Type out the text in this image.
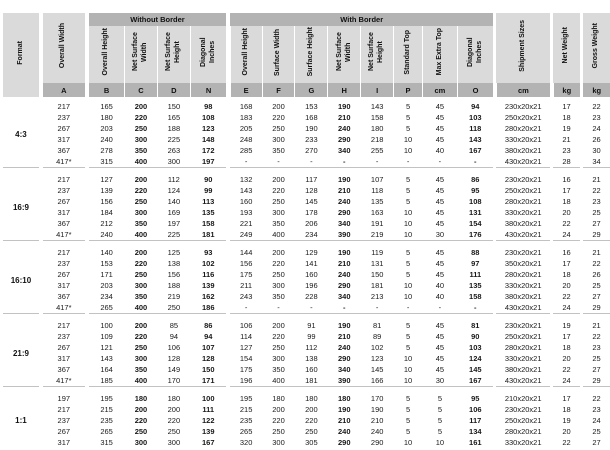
Format		Overall Width		Without Border					With Border									Shipment Sizes		Net Weight		Gross Weight
				Overall Height	Net Surface Width	Net Surface Height	Diagonal Inches		Overall Height	Surface Width	Surface Height	Net Surface Width	Net Surface Height	Standard Top	Max Extra Top	Diagonal Inches						
		A		B	C	D	N		E	F	G	H	I	P	cm	O		cm		kg		kg

4:3		217		165	200	150	98		168	200	153	190	143	5	45	94		230x20x21		17		22
		237		180	220	165	108		183	220	168	210	158	5	45	103		250x20x21		18		23
		267		203	250	188	123		205	250	190	240	180	5	45	118		280x20x21		19		24
		317		240	300	225	148		248	300	233	290	218	10	45	143		330x20x21		21		26
		367		278	350	263	172		285	350	270	340	255	10	40	167		380x20x21		23		30
		417*		315	400	300	197		-	-	-	-	-	-	-	-		430x20x21		28		34

16:9		217		127	200	112	90		132	200	117	190	107	5	45	86		230x20x21		16		21
		237		139	220	124	99		143	220	128	210	118	5	45	95		250x20x21		17		22
		267		156	250	140	113		160	250	145	240	135	5	45	108		280x20x21		18		23
		317		184	300	169	135		193	300	178	290	163	10	45	131		330x20x21		20		25
		367		212	350	197	158		221	350	206	340	191	10	45	154		380x20x21		22		27
		417*		240	400	225	181		249	400	234	390	219	10	30	176		430x20x21		24		29

16:10		217		140	200	125	93		144	200	129	190	119	5	45	88		230x20x21		16		21
		237		153	220	138	102		156	220	141	210	131	5	45	97		350x20x21		17		22
		267		171	250	156	116		175	250	160	240	150	5	45	111		280x20x21		18		26
		317		203	300	188	139		211	300	196	290	181	10	40	135		330x20x21		20		25
		367		234	350	219	162		243	350	228	340	213	10	40	158		380x20x21		22		27
		417*		265	400	250	186		-	-	-	-	-	-	-	-		430x20x21		24		29

21:9		217		100	200	85	86		106	200	91	190	81	5	45	81		230x20x21		19		21
		237		109	220	94	94		114	220	99	210	89	5	45	90		250x20x21		17		22
		267		121	250	106	107		127	250	112	240	102	5	45	103		280x20x21		18		23
		317		143	300	128	128		154	300	138	290	123	10	45	124		330x20x21		20		25
		367		164	350	149	150		175	350	160	340	145	10	45	145		380x20x21		22		27
		417*		185	400	170	171		196	400	181	390	166	10	30	167		430x20x21		24		29

1:1		197		195	180	180	100		195	180	180	180	170	5	5	95		210x20x21		17		22
		217		215	200	200	111		215	200	200	190	190	5	5	106		230x20x21		18		23
		237		235	220	220	122		235	220	220	210	210	5	5	117		250x20x21		19		24
		267		265	250	250	139		265	250	250	240	240	5	5	134		280x20x21		20		25
		317		315	300	300	167		320	300	305	290	290	10	10	161		330x20x21		22		27
